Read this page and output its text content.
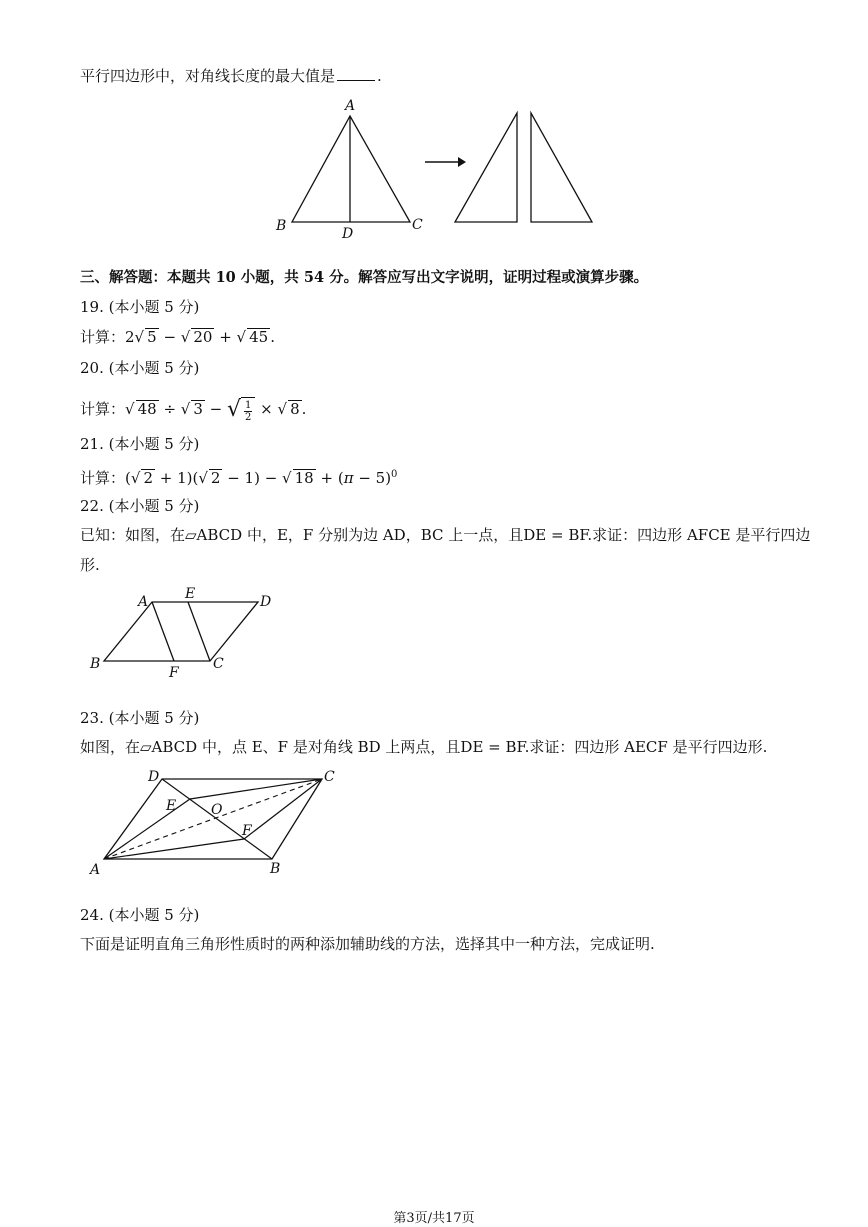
平行四边形中，对角线长度的最大值是	.
A
B	C
D
三、解答题：本题共 10 小题，共 54 分。解答应写出文字说明，证明过程或演算步骤。
19. (本小题 5 分)
计算：2√ 5 − √ 20 + √ 45 .
20. (本小题 5 分)
计算：√ 48 ÷ √ 3 − √ $\frac{1}{2}$ × √ 8 .
21. (本小题 5 分)
计算：(√ 2 + 1)(√ 2 − 1) − √ $18 + (\pi - 5)^0$
22. (本小题 5 分)
已知：如图，在▱ABCD 中，E，F 分别为边 AD，BC 上一点，且DE = BF.求证：四边形 AFCE 是平行四边
形.
A	E	D
B
F
C
23. (本小题 5 分)
如图，在▱ABCD 中，点 E、F 是对角线 BD 上两点，且DE = BF.求证：四边形 AECF 是平行四边形.
D	C
E O
F
A	B
24. (本小题 5 分)
下面是证明直角三角形性质时的两种添加辅助线的方法，选择其中一种方法，完成证明.
第3页/共17页
